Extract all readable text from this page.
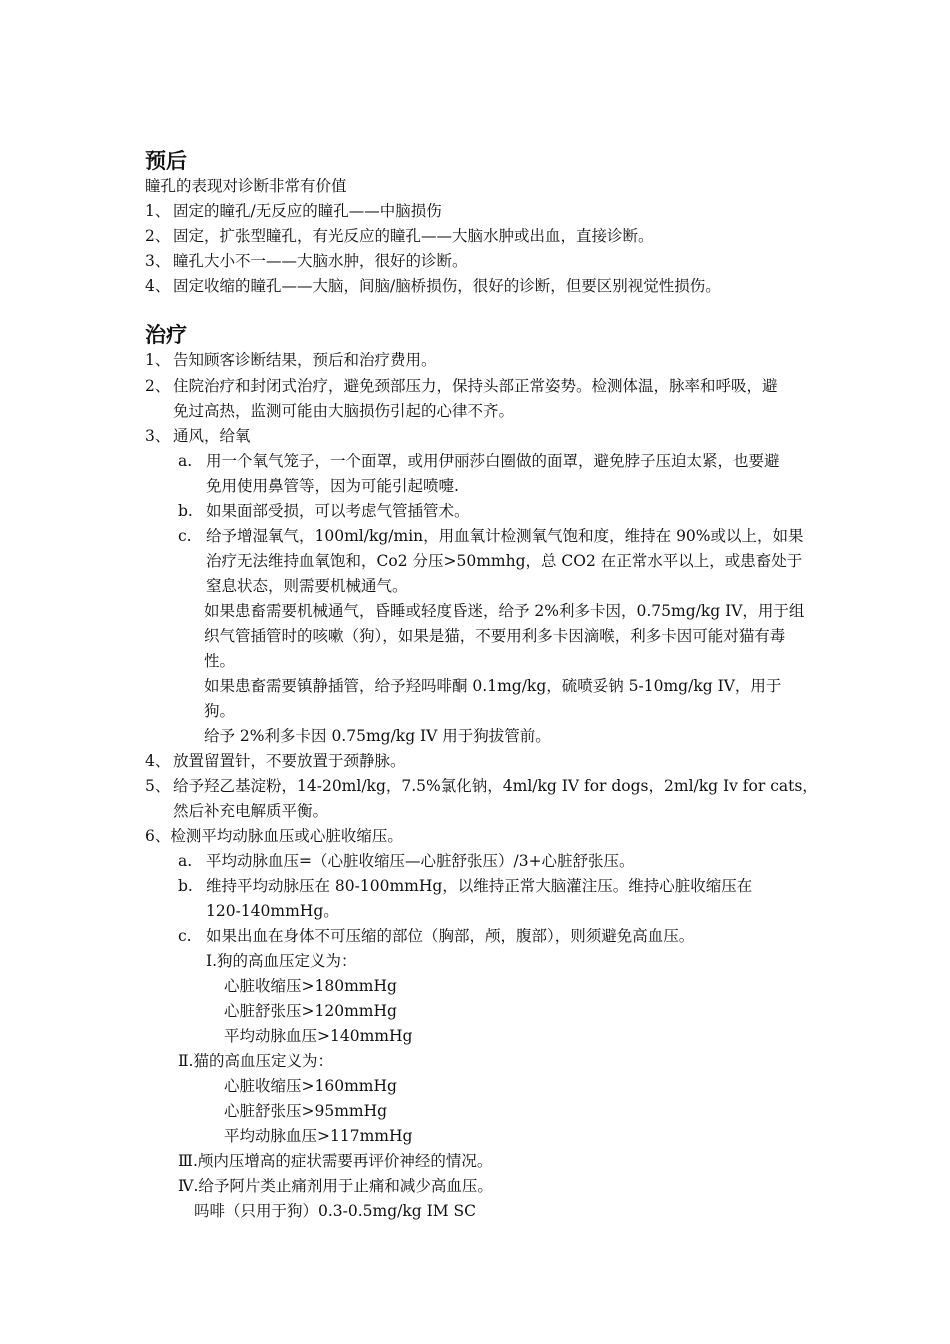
预后
瞳孔的表现对诊断非常有价值
1、 固定的瞳孔/无反应的瞳孔——中脑损伤
2、 固定，扩张型瞳孔，有光反应的瞳孔——大脑水肿或出血，直接诊断。
3、 瞳孔大小不一——大脑水肿，很好的诊断。
4、 固定收缩的瞳孔——大脑，间脑/脑桥损伤，很好的诊断，但要区别视觉性损伤。
治疗
1、 告知顾客诊断结果，预后和治疗费用。
2、 住院治疗和封闭式治疗，避免颈部压力，保持头部正常姿势。检测体温，脉率和呼吸，避
免过高热，监测可能由大脑损伤引起的心律不齐。
3、 通风，给氧
a. 用一个氧气笼子，一个面罩，或用伊丽莎白圈做的面罩，避免脖子压迫太紧，也要避
免用使用鼻管等，因为可能引起喷嚏.
b. 如果面部受损，可以考虑气管插管术。
c. 给予增湿氧气，100ml/kg/min，用血氧计检测氧气饱和度，维持在 90%或以上，如果
治疗无法维持血氧饱和，Co2 分压>50mmhg，总 CO2 在正常水平以上，或患畜处于
窒息状态，则需要机械通气。
如果患畜需要机械通气，昏睡或轻度昏迷，给予 2%利多卡因，0.75mg/kg IV，用于组
织气管插管时的咳嗽（狗），如果是猫，不要用利多卡因滴喉，利多卡因可能对猫有毒
性。
如果患畜需要镇静插管，给予羟吗啡酮 0.1mg/kg，硫喷妥钠 5-10mg/kg IV，用于
狗。
给予 2%利多卡因 0.75mg/kg IV 用于狗拔管前。
4、 放置留置针，不要放置于颈静脉。
5、 给予羟乙基淀粉，14-20ml/kg，7.5%氯化钠，4ml/kg IV for dogs，2ml/kg Iv for cats，
然后补充电解质平衡。
6、检测平均动脉血压或心脏收缩压。
a. 平均动脉血压=（心脏收缩压—心脏舒张压）/3+心脏舒张压。
b. 维持平均动脉压在 80-100mmHg，以维持正常大脑灌注压。维持心脏收缩压在
120-140mmHg。
c. 如果出血在身体不可压缩的部位（胸部，颅，腹部），则须避免高血压。
Ⅰ.狗的高血压定义为：
心脏收缩压>180mmHg
心脏舒张压>120mmHg
平均动脉血压>140mmHg
Ⅱ.猫的高血压定义为：
心脏收缩压>160mmHg
心脏舒张压>95mmHg
平均动脉血压>117mmHg
Ⅲ.颅内压增高的症状需要再评价神经的情况。
Ⅳ.给予阿片类止痛剂用于止痛和减少高血压。
吗啡（只用于狗）0.3-0.5mg/kg IM SC
